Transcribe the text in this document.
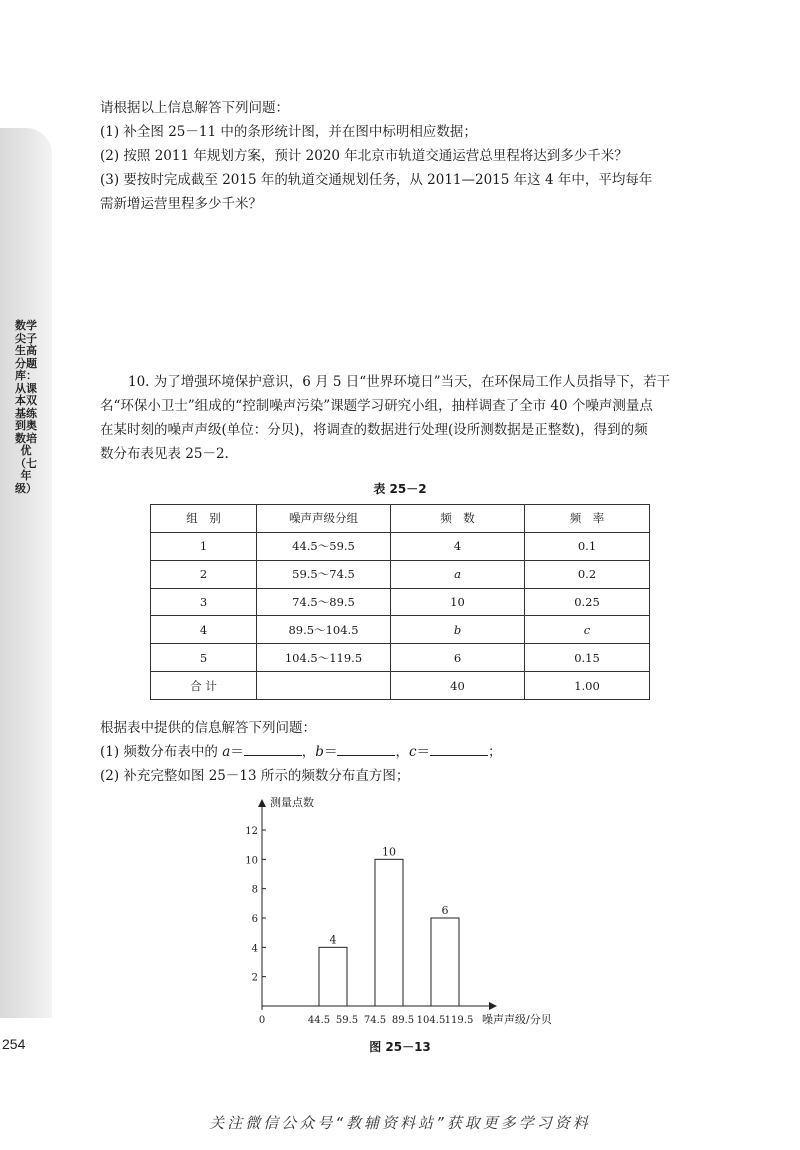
数学尖子生高分题库：从课本双基练到奥数培优（七年级）
254
请根据以上信息解答下列问题：
(1) 补全图 25－11 中的条形统计图，并在图中标明相应数据；
(2) 按照 2011 年规划方案，预计 2020 年北京市轨道交通运营总里程将达到多少千米？
(3) 要按时完成截至 2015 年的轨道交通规划任务，从 2011—2015 年这 4 年中，平均每年
需新增运营里程多少千米？
10. 为了增强环境保护意识，6 月 5 日“世界环境日”当天，在环保局工作人员指导下，若干
名“环保小卫士”组成的“控制噪声污染”课题学习研究小组，抽样调查了全市 40 个噪声测量点
在某时刻的噪声声级(单位：分贝)，将调查的数据进行处理(设所测数据是正整数)，得到的频
数分布表见表 25－2.
表 25－2
组　别	噪声声级分组	频　数	频　率
1	44.5～59.5	4	0.1
2	59.5～74.5	a	0.2
3	74.5～89.5	10	0.25
4	89.5～104.5	b	c
5	104.5～119.5	6	0.15
合 计		40	1.00
根据表中提供的信息解答下列问题：
(1) 频数分布表中的 a＝	，b＝	，c＝	；
(2) 补充完整如图 25－13 所示的频数分布直方图；
测量点数
噪声声级/分贝
0
2
4
6
8
10
12
44.5 59.5 74.5 89.5 104.5 119.5
4
10
6
图 25－13
关注微信公众号“教辅资料站”获取更多学习资料
